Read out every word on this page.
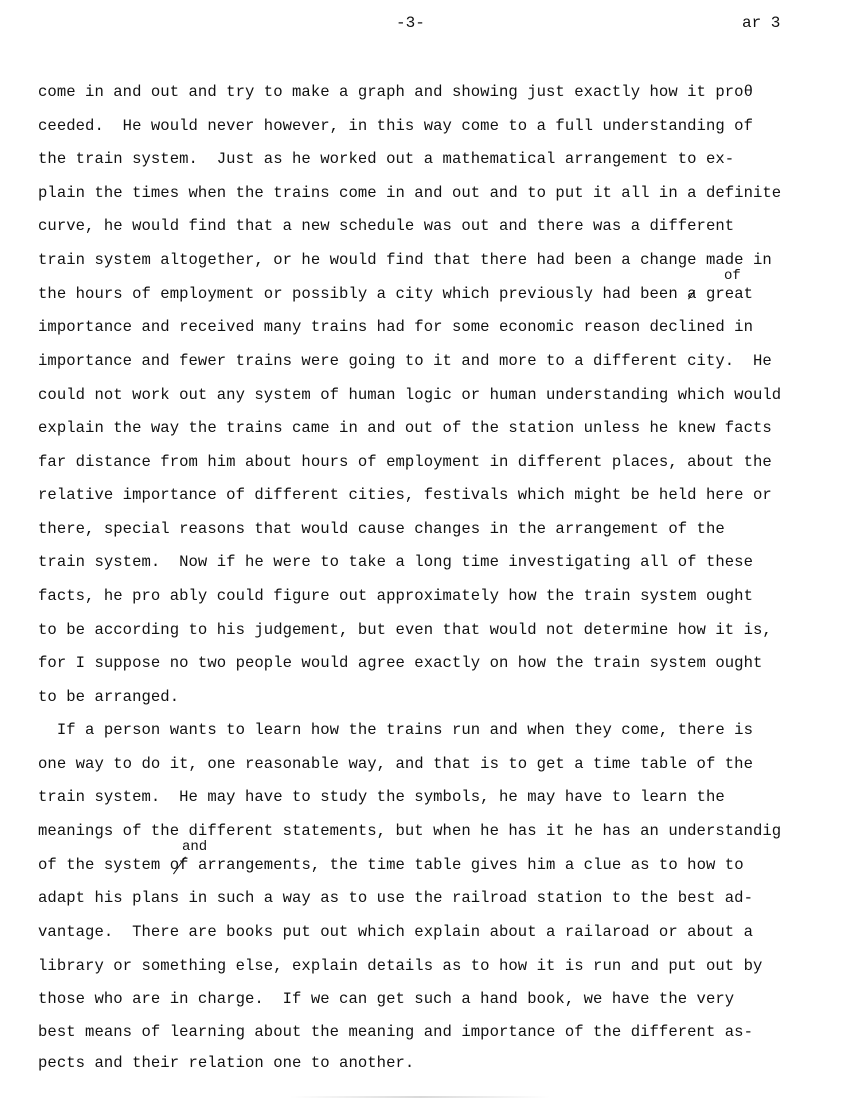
-3-	ar 3
come in and out and try to make a graph and showing just exactly how it proθ
ceeded.  He would never however, in this way come to a full understanding of
the train system.  Just as he worked out a mathematical arrangement to ex-
plain the times when the trains come in and out and to put it all in a definite
curve, he would find that a new schedule was out and there was a different
train system altogether, or he would find that there had been a change made in
of
the hours of employment or possibly a city which previously had been a great
importance and received many trains had for some economic reason declined in
importance and fewer trains were going to it and more to a different city.  He
could not work out any system of human logic or human understanding which would
explain the way the trains came in and out of the station unless he knew facts
far distance from him about hours of employment in different places, about the
relative importance of different cities, festivals which might be held here or
there, special reasons that would cause changes in the arrangement of the
train system.  Now if he were to take a long time investigating all of these
facts, he pro ably could figure out approximately how the train system ought
to be according to his judgement, but even that would not determine how it is,
for I suppose no two people would agree exactly on how the train system ought
to be arranged.
If a person wants to learn how the trains run and when they come, there is
one way to do it, one reasonable way, and that is to get a time table of the
train system.  He may have to study the symbols, he may have to learn the
meanings of the different statements, but when he has it he has an understandig
and
of the system of arrangements, the time table gives him a clue as to how to
adapt his plans in such a way as to use the railroad station to the best ad-
vantage.  There are books put out which explain about a railaroad or about a
library or something else, explain details as to how it is run and put out by
those who are in charge.  If we can get such a hand book, we have the very
best means of learning about the meaning and importance of the different as-
pects and their relation one to another.
